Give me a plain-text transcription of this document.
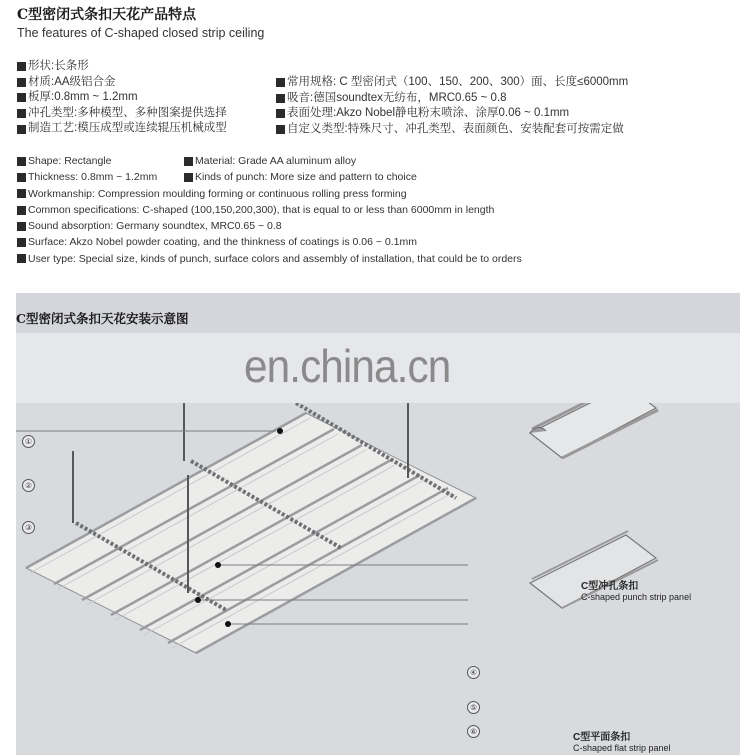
C型密闭式条扣天花产品特点
The features of C-shaped closed strip ceiling
形状:长条形
材质:AA级铝合金
板厚:0.8mm ~ 1.2mm
冲孔类型:多种模型、多种图案提供选择
制造工艺:模压成型或连续辊压机械成型
常用规格: C 型密闭式（100、150、200、300）面、长度≤6000mm
吸音:德国soundtex无纺布，MRC0.65 ~ 0.8
表面处理:Akzo Nobel静电粉末喷涂、涂厚0.06 ~ 0.1mm
自定义类型:特殊尺寸、冲孔类型、表面颜色、安装配套可按需定做
Shape: Rectangle	Material: Grade AA aluminum alloy
Thickness: 0.8mm ~ 1.2mm	Kinds of punch: More size and pattern to choice
Workmanship: Compression moulding forming or continuous rolling press forming
Common specifications: C-shaped (100,150,200,300), that is equal to or less than 6000mm in length
Sound absorption: Germany soundtex, MRC0.65 ~ 0.8
Surface: Akzo Nobel powder coating, and the thinkness of coatings is 0.06 ~ 0.1mm
User type: Special size, kinds of punch, surface colors and assembly of installation, that could be to orders
C型密闭式条扣天花安装示意图
en.china.cn
①
②
③
④
⑤
⑥
C型冲孔条扣
C-shaped punch strip panel
C型平面条扣
C-shaped flat strip panel
